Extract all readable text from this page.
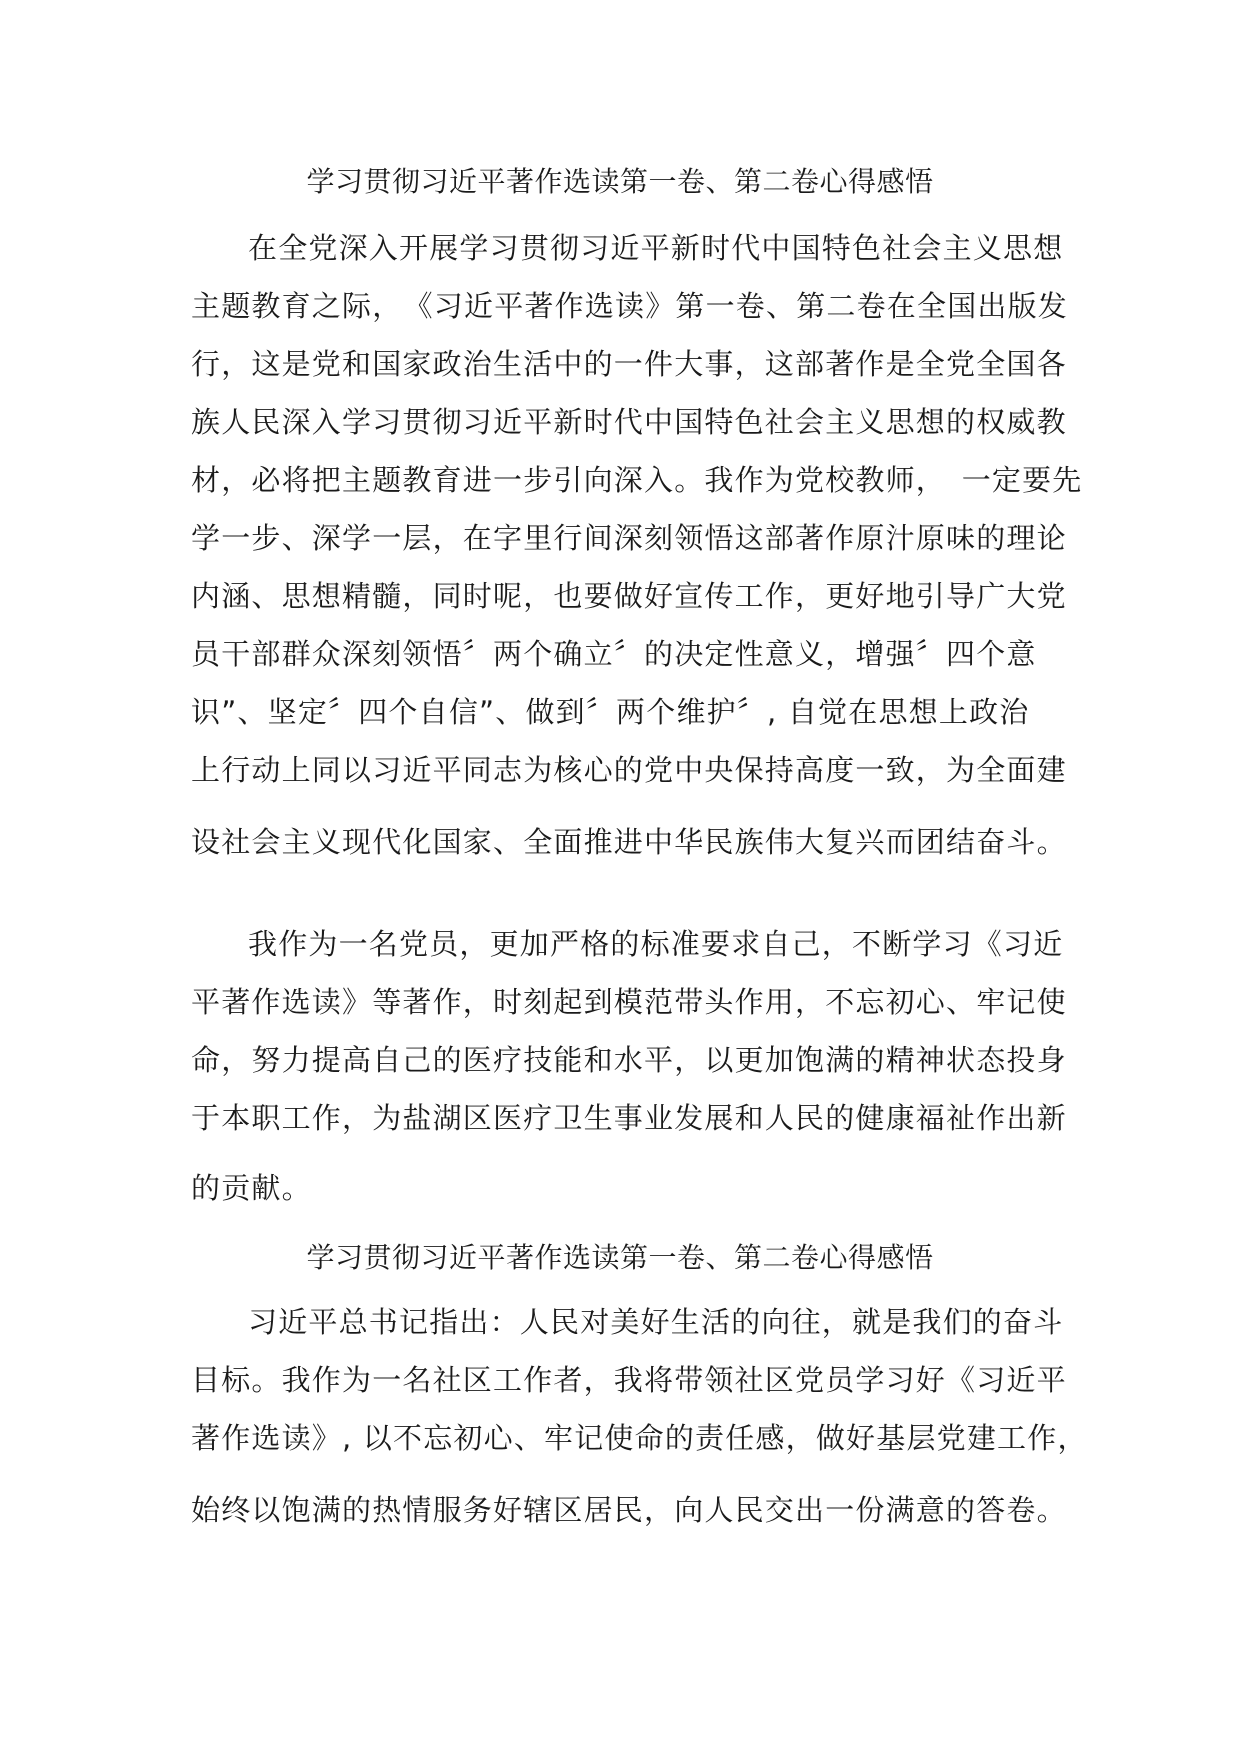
学习贯彻习近平著作选读第一卷、第二卷心得感悟
在全党深入开展学习贯彻习近平新时代中国特色社会主义思想
主题教育之际，　《习近平著作选读》第一卷、第二卷在全国出版发
行，这是党和国家政治生活中的一件大事，这部著作是全党全国各
族人民深入学习贯彻习近平新时代中国特色社会主义思想的权威教
材，必将把主题教育进一步引向深入。我作为党校教师，　一定要先
学一步、深学一层，在字里行间深刻领悟这部著作原汁原味的理论
内涵、思想精髓，同时呢，也要做好宣传工作，更好地引导广大党
员干部群众深刻领悟〞两个确立〞的决定性意义，增强〞四个意
识”、坚定〞四个自信”、做到〞两个维护〞, 自觉在思想上政治
上行动上同以习近平同志为核心的党中央保持高度一致，为全面建
设社会主义现代化国家、全面推进中华民族伟大复兴而团结奋斗。
我作为一名党员，更加严格的标准要求自己，不断学习《习近
平著作选读》等著作，时刻起到模范带头作用，不忘初心、牢记使
命，努力提高自己的医疗技能和水平，以更加饱满的精神状态投身
于本职工作，为盐湖区医疗卫生事业发展和人民的健康福祉作出新
的贡献。
学习贯彻习近平著作选读第一卷、第二卷心得感悟
习近平总书记指出：人民对美好生活的向往，就是我们的奋斗
目标。我作为一名社区工作者，我将带领社区党员学习好《习近平
著作选读》, 以不忘初心、牢记使命的责任感，做好基层党建工作，
始终以饱满的热情服务好辖区居民，向人民交出一份满意的答卷。
